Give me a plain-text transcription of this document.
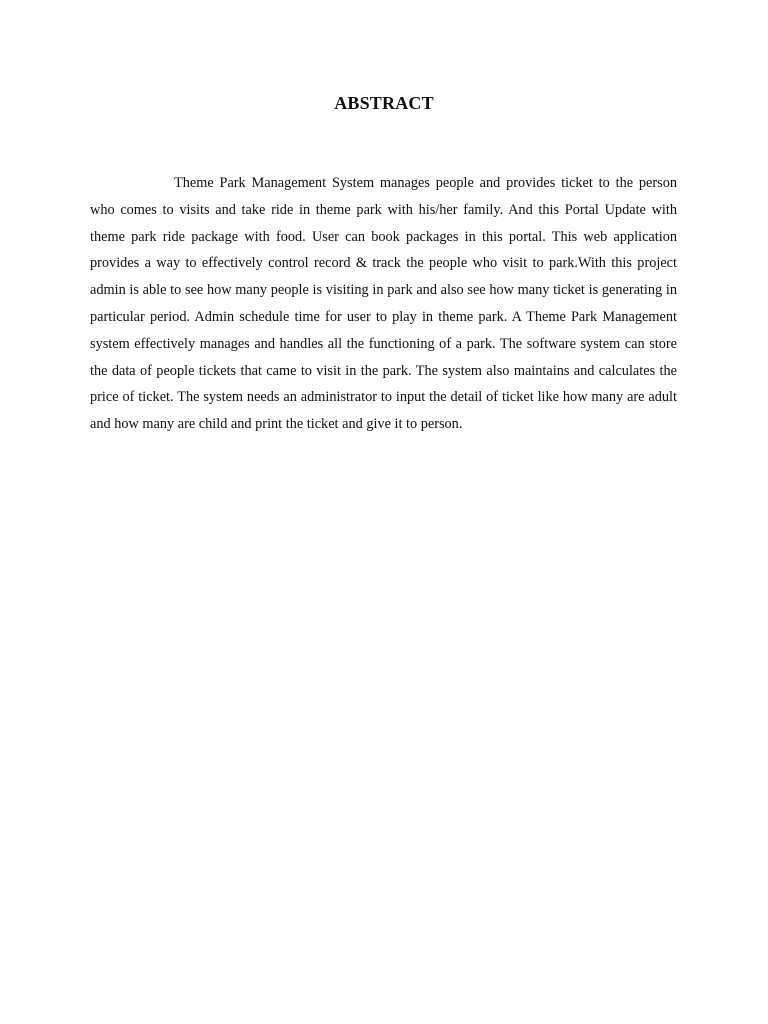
ABSTRACT

Theme Park Management System manages people and provides ticket to the person who comes to visits and take ride in theme park with his/her family. And this Portal Update with theme park ride package with food. User can book packages in this portal. This web application provides a way to effectively control record & track the people who visit to park.With this project admin is able to see how many people is visiting in park and also see how many ticket is generating in particular period. Admin schedule time for user to play in theme park. A Theme Park Management system effectively manages and handles all the functioning of a park. The software system can store the data of people tickets that came to visit in the park. The system also maintains and calculates the price of ticket. The system needs an administrator to input the detail of ticket like how many are adult and how many are child and print the ticket and give it to person.
